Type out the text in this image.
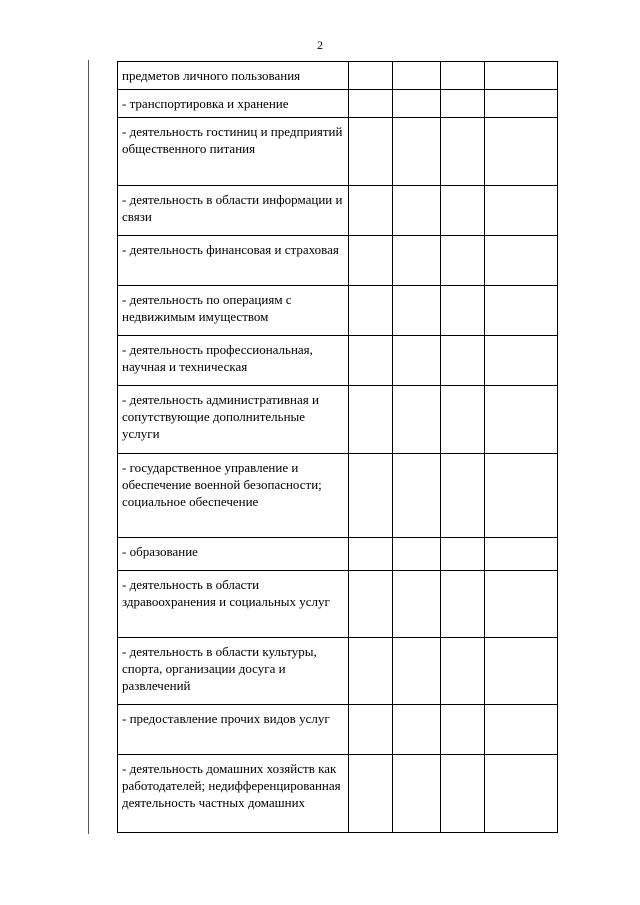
2
предметов личного пользования				
- транспортировка и хранение				
- деятельность гостиниц и предприятий общественного питания				
- деятельность в области информации и связи				
- деятельность финансовая и страховая				
- деятельность по операциям с недвижимым имуществом				
- деятельность профессиональная, научная и техническая				
- деятельность административная и сопутствующие дополнительные услуги				
- государственное управление и обеспечение военной безопасности; социальное обеспечение				
- образование				
- деятельность в области здравоохранения и социальных услуг				
- деятельность в области культуры, спорта, организации досуга и развлечений				
- предоставление прочих видов услуг				
- деятельность домашних хозяйств как работодателей; недифференцированная деятельность частных домашних				
